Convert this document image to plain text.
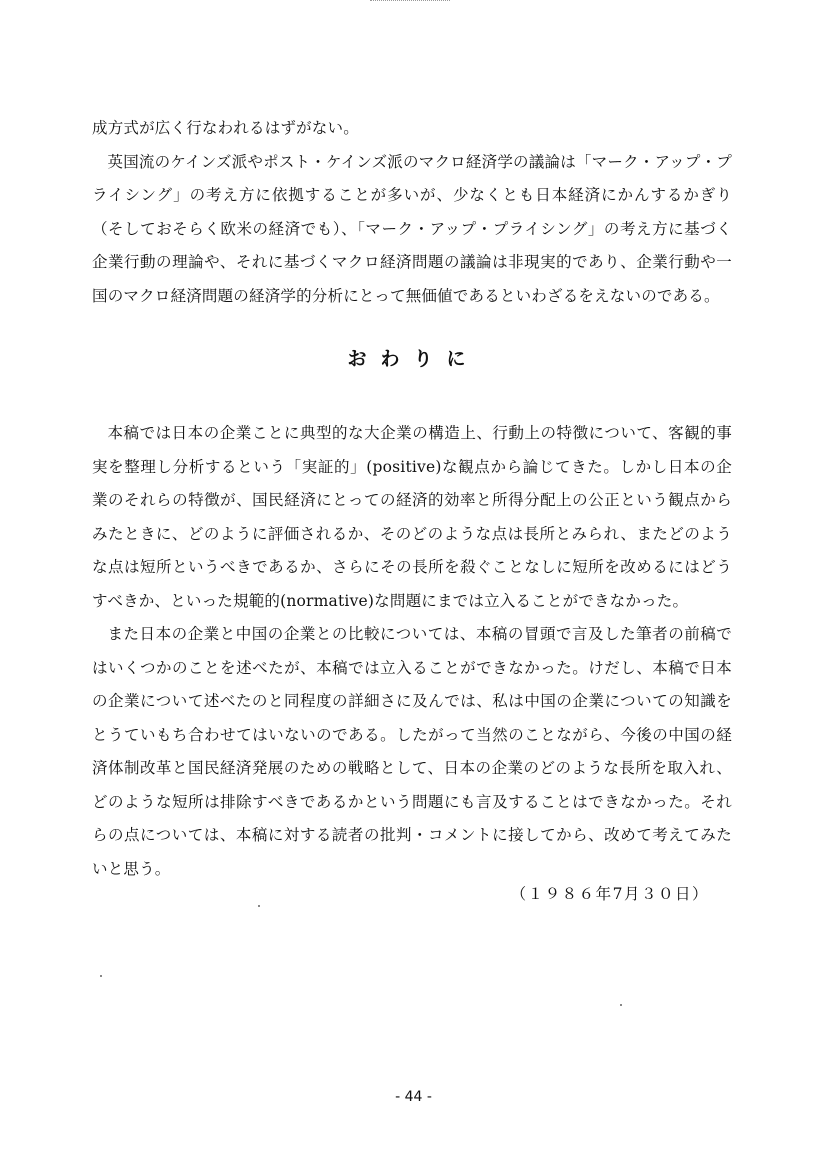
成方式が広く行なわれるはずがない。

英国流のケインズ派やポスト・ケインズ派のマクロ経済学の議論は「マーク・アップ・プライシング」の考え方に依拠することが多いが、少なくとも日本経済にかんするかぎり（そしておそらく欧米の経済でも）、「マーク・アップ・プライシング」の考え方に基づく企業行動の理論や、それに基づくマクロ経済問題の議論は非現実的であり、企業行動や一国のマクロ経済問題の経済学的分析にとって無価値であるといわざるをえないのである。

おわりに

本稿では日本の企業ことに典型的な大企業の構造上、行動上の特徴について、客観的事実を整理し分析するという「実証的」(positive)な観点から論じてきた。しかし日本の企業のそれらの特徴が、国民経済にとっての経済的効率と所得分配上の公正という観点からみたときに、どのように評価されるか、そのどのような点は長所とみられ、またどのような点は短所というべきであるか、さらにその長所を殺ぐことなしに短所を改めるにはどうすべきか、といった規範的(normative)な問題にまでは立入ることができなかった。

また日本の企業と中国の企業との比較については、本稿の冒頭で言及した筆者の前稿ではいくつかのことを述べたが、本稿では立入ることができなかった。けだし、本稿で日本の企業について述べたのと同程度の詳細さに及んでは、私は中国の企業についての知識をとうていもち合わせてはいないのである。したがって当然のことながら、今後の中国の経済体制改革と国民経済発展のための戦略として、日本の企業のどのような長所を取入れ、どのような短所は排除すべきであるかという問題にも言及することはできなかった。それらの点については、本稿に対する読者の批判・コメントに接してから、改めて考えてみたいと思う。

（１９８６年7月３０日）
- 44 -
